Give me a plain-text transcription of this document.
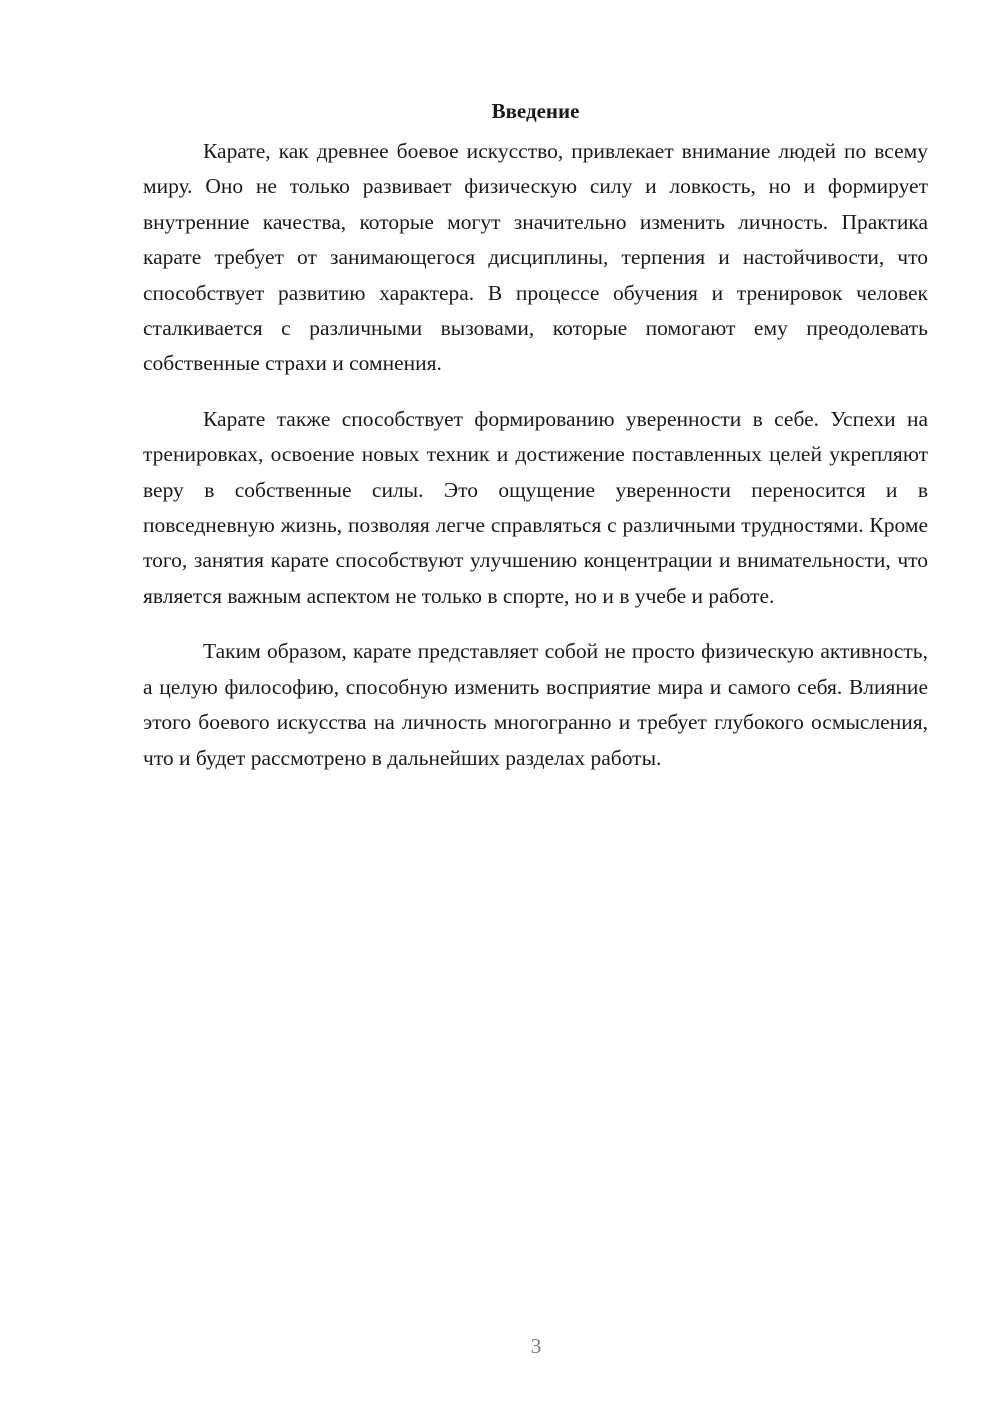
Введение

Карате, как древнее боевое искусство, привлекает внимание людей по всему миру. Оно не только развивает физическую силу и ловкость, но и формирует внутренние качества, которые могут значительно изменить личность. Практика карате требует от занимающегося дисциплины, терпения и настойчивости, что способствует развитию характера. В процессе обучения и тренировок человек сталкивается с различными вызовами, которые помогают ему преодолевать собственные страхи и сомнения.

Карате также способствует формированию уверенности в себе. Успехи на тренировках, освоение новых техник и достижение поставленных целей укрепляют веру в собственные силы. Это ощущение уверенности переносится и в повседневную жизнь, позволяя легче справляться с различными трудностями. Кроме того, занятия карате способствуют улучшению концентрации и внимательности, что является важным аспектом не только в спорте, но и в учебе и работе.

Таким образом, карате представляет собой не просто физическую активность, а целую философию, способную изменить восприятие мира и самого себя. Влияние этого боевого искусства на личность многогранно и требует глубокого осмысления, что и будет рассмотрено в дальнейших разделах работы.

3
